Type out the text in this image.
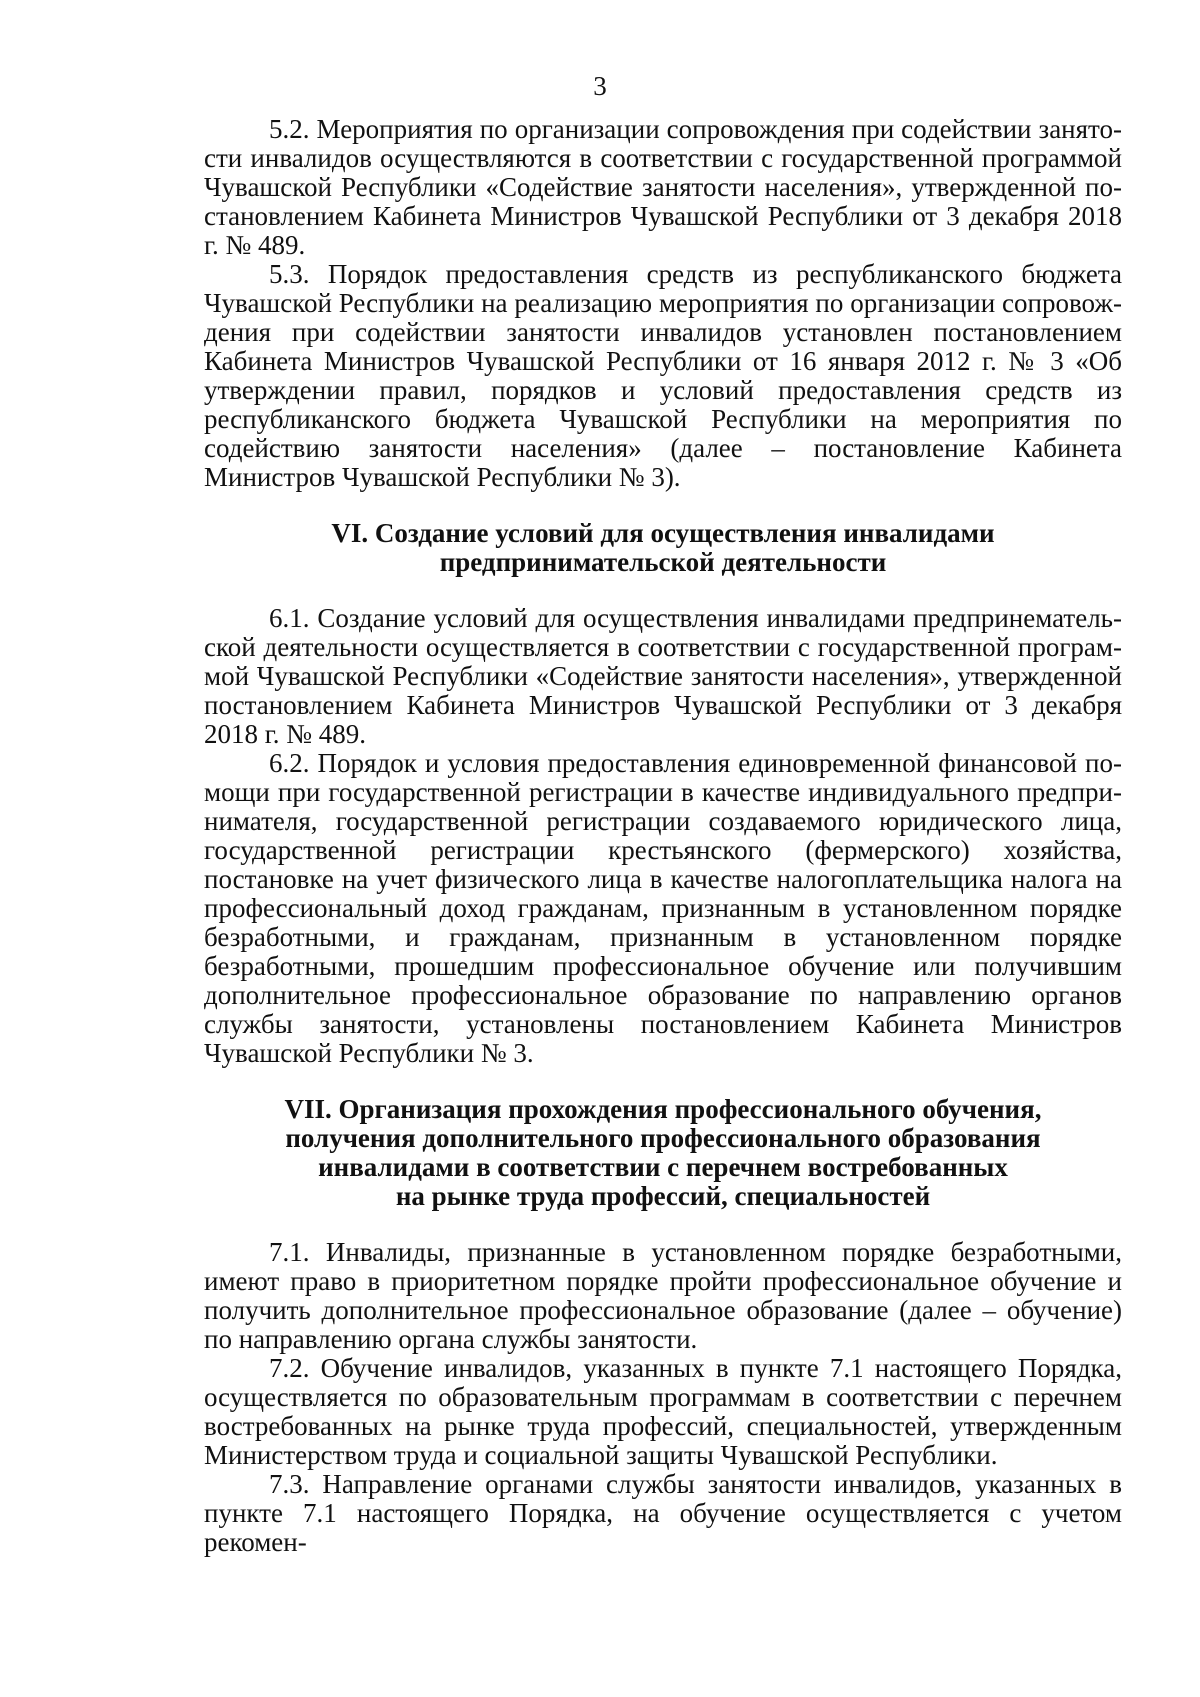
3

5.2. Мероприятия по организации сопровождения при содействии занятости инвалидов осуществляются в соответствии с государственной программой Чувашской Республики «Содействие занятости населения», утвержденной постановлением Кабинета Министров Чувашской Республики от 3 декабря 2018 г. № 489.

5.3. Порядок предоставления средств из республиканского бюджета Чувашской Республики на реализацию мероприятия по организации сопровождения при содействии занятости инвалидов установлен постановлением Кабинета Министров Чувашской Республики от 16 января 2012 г. № 3 «Об утверждении правил, порядков и условий предоставления средств из республиканского бюджета Чувашской Республики на мероприятия по содействию занятости населения» (далее – постановление Кабинета Министров Чувашской Республики № 3).

VI. Создание условий для осуществления инвалидами
предпринимательской деятельности

6.1. Создание условий для осуществления инвалидами предпринемательской деятельности осуществляется в соответствии с государственной программой Чувашской Республики «Содействие занятости населения», утвержденной постановлением Кабинета Министров Чувашской Республики от 3 декабря 2018 г. № 489.

6.2. Порядок и условия предоставления единовременной финансовой помощи при государственной регистрации в качестве индивидуального предпринимателя, государственной регистрации создаваемого юридического лица, государственной регистрации крестьянского (фермерского) хозяйства, постановке на учет физического лица в качестве налогоплательщика налога на профессиональный доход гражданам, признанным в установленном порядке безработными, и гражданам, признанным в установленном порядке безработными, прошедшим профессиональное обучение или получившим дополнительное профессиональное образование по направлению органов службы занятости, установлены постановлением Кабинета Министров Чувашской Республики № 3.

VII. Организация прохождения профессионального обучения,
получения дополнительного профессионального образования
инвалидами в соответствии с перечнем востребованных
на рынке труда профессий, специальностей

7.1. Инвалиды, признанные в установленном порядке безработными, имеют право в приоритетном порядке пройти профессиональное обучение и получить дополнительное профессиональное образование (далее – обучение) по направлению органа службы занятости.

7.2. Обучение инвалидов, указанных в пункте 7.1 настоящего Порядка, осуществляется по образовательным программам в соответствии с перечнем востребованных на рынке труда профессий, специальностей, утвержденным Министерством труда и социальной защиты Чувашской Республики.

7.3. Направление органами службы занятости инвалидов, указанных в пункте 7.1 настоящего Порядка, на обучение осуществляется с учетом рекомен-
